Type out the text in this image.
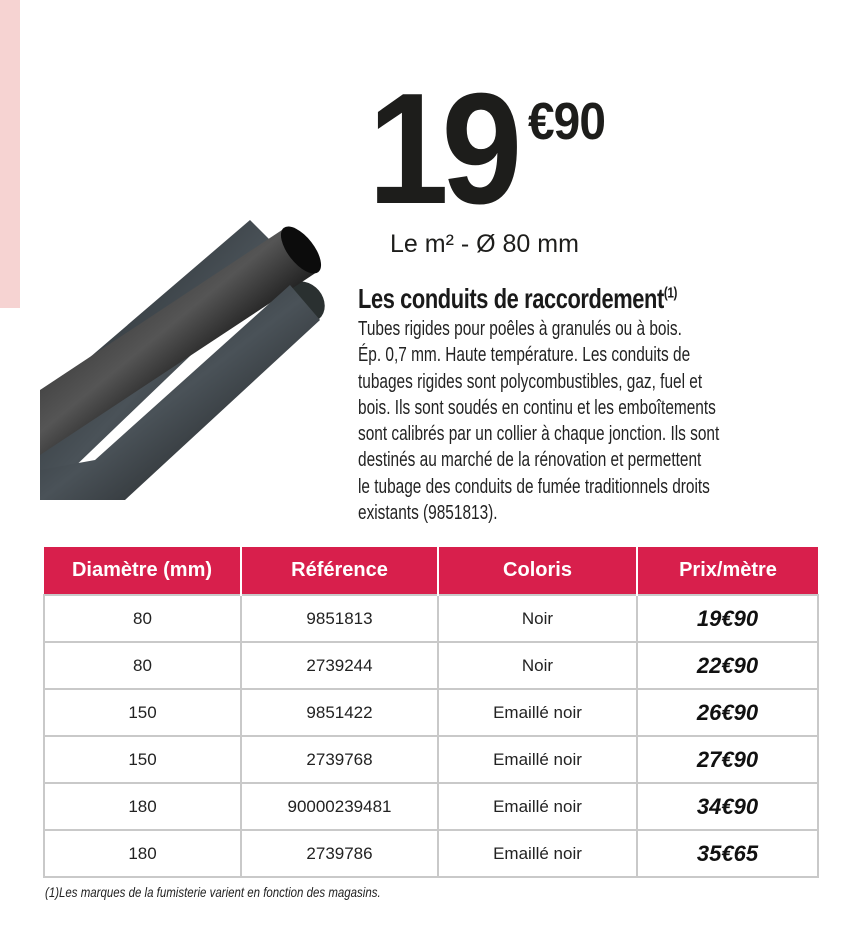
19 €90
Le m² - Ø 80 mm
Les conduits de raccordement$^{(1)}$
Tubes rigides pour poêles à granulés ou à bois.
Ép. 0,7 mm. Haute température. Les conduits de
tubages rigides sont polycombustibles, gaz, fuel et
bois. Ils sont soudés en continu et les emboîtements
sont calibrés par un collier à chaque jonction. Ils sont
destinés au marché de la rénovation et permettent
le tubage des conduits de fumée traditionnels droits
existants (9851813).
Diamètre (mm)	Référence	Coloris	Prix/mètre
80	9851813	Noir	19€90
80	2739244	Noir	22€90
150	9851422	Emaillé noir	26€90
150	2739768	Emaillé noir	27€90
180	90000239481	Emaillé noir	34€90
180	2739786	Emaillé noir	35€65
(1)Les marques de la fumisterie varient en fonction des magasins.
